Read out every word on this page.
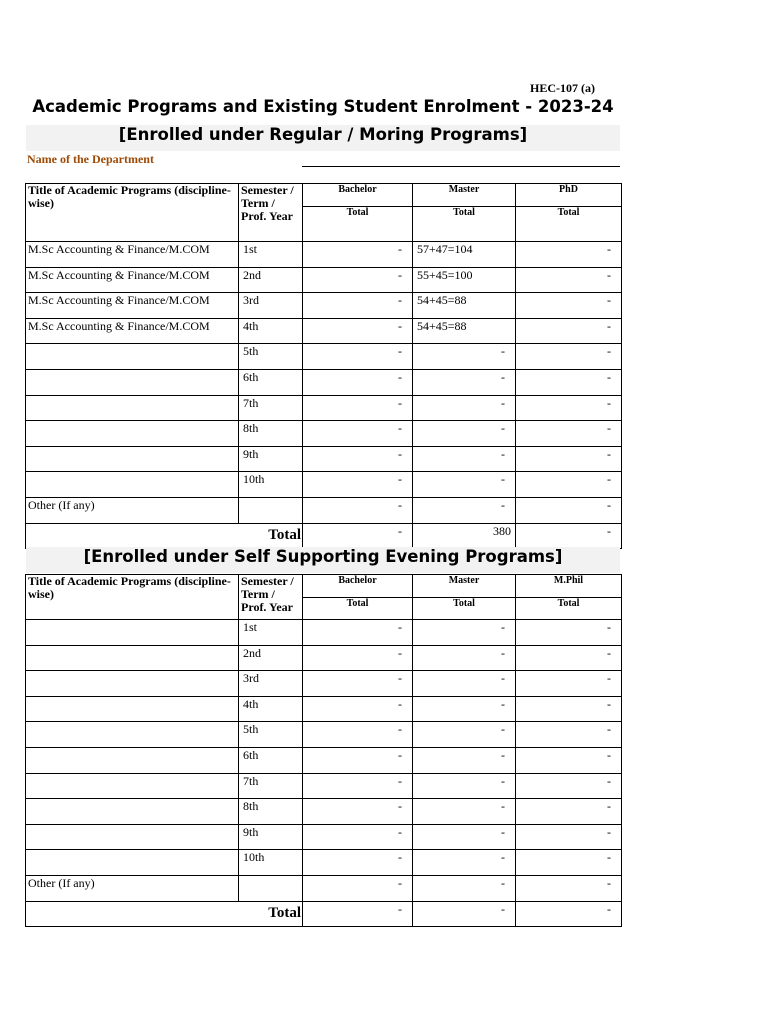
HEC-107 (a)
Academic Programs and Existing Student Enrolment - 2023-24
[Enrolled under Regular / Moring Programs]
Name of the Department
Title of Academic Programs (discipline-wise)	Semester / Term / Prof. Year	Bachelor	Master	PhD
		Total	Total	Total
M.Sc Accounting & Finance/M.COM	1st	-	57+47=104	-
M.Sc Accounting & Finance/M.COM	2nd	-	55+45=100	-
M.Sc Accounting & Finance/M.COM	3rd	-	54+45=88	-
M.Sc Accounting & Finance/M.COM	4th	-	54+45=88	-
	5th	-	-	-
	6th	-	-	-
	7th	-	-	-
	8th	-	-	-
	9th	-	-	-
	10th	-	-	-
Other (If any)		-	-	-
Total		-	380	-
[Enrolled under Self Supporting Evening Programs]
Title of Academic Programs (discipline-wise)	Semester / Term / Prof. Year	Bachelor	Master	M.Phil
		Total	Total	Total
	1st	-	-	-
	2nd	-	-	-
	3rd	-	-	-
	4th	-	-	-
	5th	-	-	-
	6th	-	-	-
	7th	-	-	-
	8th	-	-	-
	9th	-	-	-
	10th	-	-	-
Other (If any)		-	-	-
Total		-	-	-
